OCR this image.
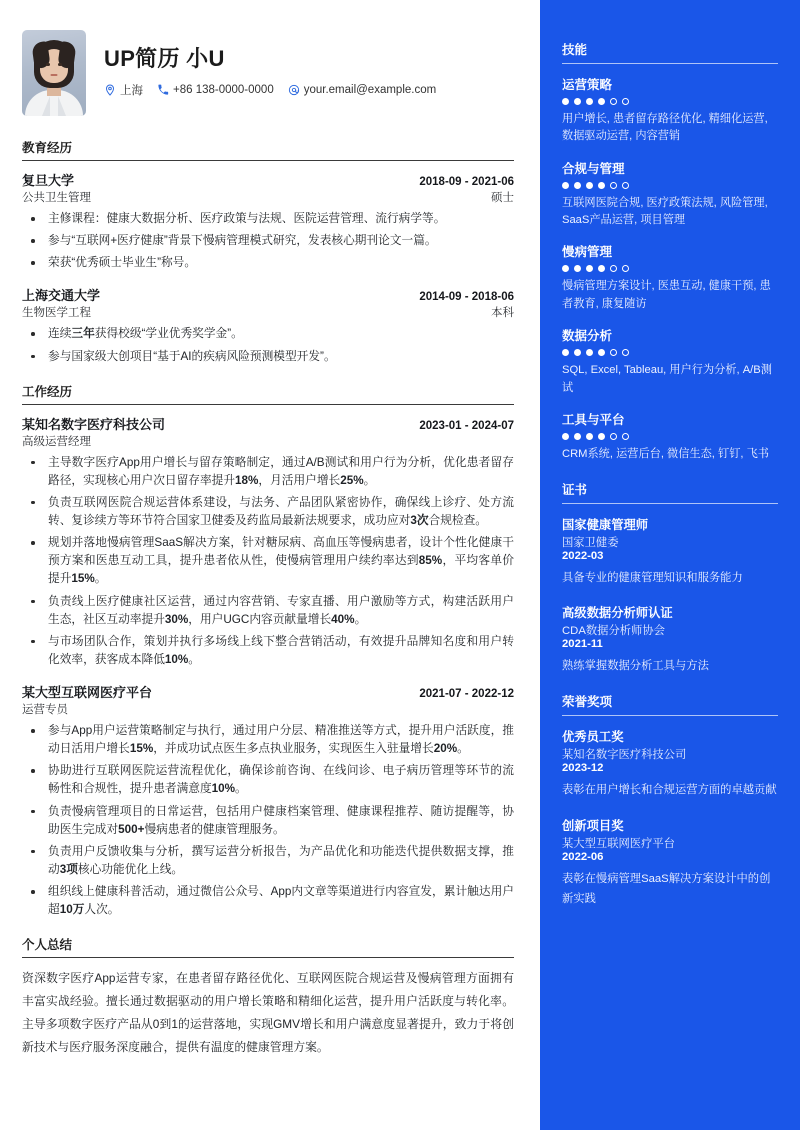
UP简历 小U
上海	+86 138-0000-0000	your.email@example.com
教育经历
复旦大学	2018-09 - 2021-06
公共卫生管理	硕士
主修课程：健康大数据分析、医疗政策与法规、医院运营管理、流行病学等。
参与“互联网+医疗健康”背景下慢病管理模式研究，发表核心期刊论文一篇。
荣获“优秀硕士毕业生”称号。
上海交通大学	2014-09 - 2018-06
生物医学工程	本科
连续三年获得校级“学业优秀奖学金”。
参与国家级大创项目“基于AI的疾病风险预测模型开发”。
工作经历
某知名数字医疗科技公司	2023-01 - 2024-07
高级运营经理
主导数字医疗App用户增长与留存策略制定，通过A/B测试和用户行为分析，优化患者留存路径，实现核心用户次日留存率提升18%，月活用户增长25%。
负责互联网医院合规运营体系建设，与法务、产品团队紧密协作，确保线上诊疗、处方流转、复诊续方等环节符合国家卫健委及药监局最新法规要求，成功应对3次合规检查。
规划并落地慢病管理SaaS解决方案，针对糖尿病、高血压等慢病患者，设计个性化健康干预方案和医患互动工具，提升患者依从性，使慢病管理用户续约率达到85%，平均客单价提升15%。
负责线上医疗健康社区运营，通过内容营销、专家直播、用户激励等方式，构建活跃用户生态，社区互动率提升30%，用户UGC内容贡献量增长40%。
与市场团队合作，策划并执行多场线上线下整合营销活动，有效提升品牌知名度和用户转化效率，获客成本降低10%。
某大型互联网医疗平台	2021-07 - 2022-12
运营专员
参与App用户运营策略制定与执行，通过用户分层、精准推送等方式，提升用户活跃度，推动日活用户增长15%，并成功试点医生多点执业服务，实现医生入驻量增长20%。
协助进行互联网医院运营流程优化，确保诊前咨询、在线问诊、电子病历管理等环节的流畅性和合规性，提升患者满意度10%。
负责慢病管理项目的日常运营，包括用户健康档案管理、健康课程推荐、随访提醒等，协助医生完成对500+慢病患者的健康管理服务。
负责用户反馈收集与分析，撰写运营分析报告，为产品优化和功能迭代提供数据支撑，推动3项核心功能优化上线。
组织线上健康科普活动，通过微信公众号、App内文章等渠道进行内容宣发，累计触达用户超10万人次。
个人总结
资深数字医疗App运营专家，在患者留存路径优化、互联网医院合规运营及慢病管理方面拥有丰富实战经验。擅长通过数据驱动的用户增长策略和精细化运营，提升用户活跃度与转化率。主导多项数字医疗产品从0到1的运营落地，实现GMV增长和用户满意度显著提升，致力于将创新技术与医疗服务深度融合，提供有温度的健康管理方案。
技能
运营策略
用户增长, 患者留存路径优化, 精细化运营, 数据驱动运营, 内容营销
合规与管理
互联网医院合规, 医疗政策法规, 风险管理, SaaS产品运营, 项目管理
慢病管理
慢病管理方案设计, 医患互动, 健康干预, 患者教育, 康复随访
数据分析
SQL, Excel, Tableau, 用户行为分析, A/B测试
工具与平台
CRM系统, 运营后台, 微信生态, 钉钉, 飞书
证书
国家健康管理师
国家卫健委
2022-03
具备专业的健康管理知识和服务能力
高级数据分析师认证
CDA数据分析师协会
2021-11
熟练掌握数据分析工具与方法
荣誉奖项
优秀员工奖
某知名数字医疗科技公司
2023-12
表彰在用户增长和合规运营方面的卓越贡献
创新项目奖
某大型互联网医疗平台
2022-06
表彰在慢病管理SaaS解决方案设计中的创新实践
